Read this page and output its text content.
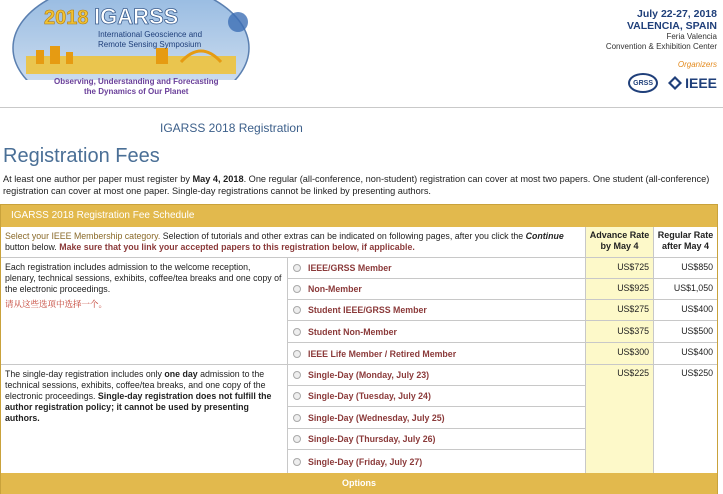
2018 IGARSS
International Geoscience and
Remote Sensing Symposium
Observing, Understanding and Forecasting
the Dynamics of Our Planet
July 22-27, 2018
VALENCIA, SPAIN
Feria Valencia
Convention & Exhibition Center
Organizers
GRSS	IEEE
IGARSS 2018 Registration
Registration Fees
At least one author per paper must register by May 4, 2018. One regular (all-conference, non-student) registration can cover at most two papers. One student (all-conference) registration can cover at most one paper. Single-day registrations cannot be linked by presenting authors.
IGARSS 2018 Registration Fee Schedule
Select your IEEE Membership category. Selection of tutorials and other extras can be indicated on following pages, after you click the Continue button below. Make sure that you link your accepted papers to this registration below, if applicable.
Advance Rate by May 4
Regular Rate after May 4
Each registration includes admission to the welcome reception, plenary, technical sessions, exhibits, coffee/tea breaks and one copy of the electronic proceedings.
请从这些选项中选择一个。
IEEE/GRSS Member
Non-Member
Student IEEE/GRSS Member
Student Non-Member
IEEE Life Member / Retired Member
US$725
US$925
US$275
US$375
US$300
US$850
US$1,050
US$400
US$500
US$400
The single-day registration includes only one day admission to the technical sessions, exhibits, coffee/tea breaks, and one copy of the electronic proceedings. Single-day registration does not fulfill the author registration policy; it cannot be used by presenting authors.
Single-Day (Monday, July 23)
Single-Day (Tuesday, July 24)
Single-Day (Wednesday, July 25)
Single-Day (Thursday, July 26)
Single-Day (Friday, July 27)
US$225	US$250
Options
